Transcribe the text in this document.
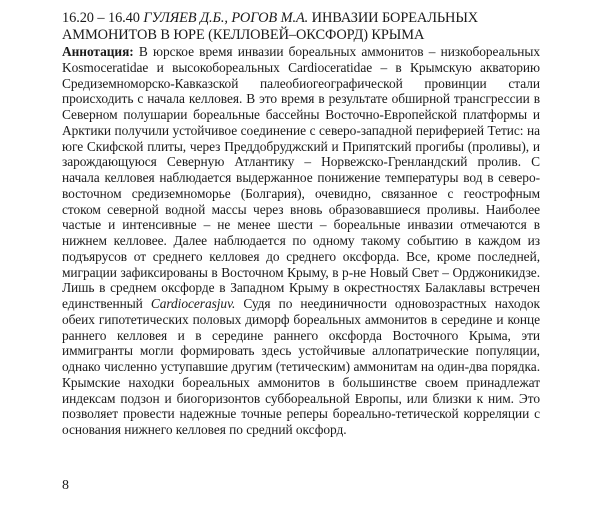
16.20 – 16.40 ГУЛЯЕВ Д.Б., РОГОВ М.А. ИНВАЗИИ БОРЕАЛЬНЫХ АММОНИТОВ В ЮРЕ (КЕЛЛОВЕЙ–ОКСФОРД) КРЫМА
Аннотация: В юрское время инвазии бореальных аммонитов – низкобореальных Kosmoceratidae и высокобореальных Cardioceratidae – в Крымскую акваторию Средиземноморско-Кавказской палеобиогеографической провинции стали происходить с начала келловея. В это время в результате обширной трансгрессии в Северном полушарии бореальные бассейны Восточно-Европейской платформы и Арктики получили устойчивое соединение с северо-западной периферией Тетис: на юге Скифской плиты, через Преддобруджский и Припятский прогибы (проливы), и зарождающуюся Северную Атлантику – Норвежско-Гренландский пролив. С начала келловея наблюдается выдержанное понижение температуры вод в северо-восточном средиземноморье (Болгария), очевидно, связанное с геострофным стоком северной водной массы через вновь образовавшиеся проливы. Наиболее частые и интенсивные – не менее шести – бореальные инвазии отмечаются в нижнем келловее. Далее наблюдается по одному такому событию в каждом из подъярусов от среднего келловея до среднего оксфорда. Все, кроме последней, миграции зафиксированы в Восточном Крыму, в р-не Новый Свет – Орджоникидзе. Лишь в среднем оксфорде в Западном Крыму в окрестностях Балаклавы встречен единственный Cardiocerasjuv. Судя по неединичности одновозрастных находок обеих гипотетических половых диморф бореальных аммонитов в середине и конце раннего келловея и в середине раннего оксфорда Восточного Крыма, эти иммигранты могли формировать здесь устойчивые аллопатрические популяции, однако численно уступавшие другим (тетическим) аммонитам на один-два порядка. Крымские находки бореальных аммонитов в большинстве своем принадлежат индексам подзон и биогоризонтов суббореальной Европы, или близки к ним. Это позволяет провести надежные точные реперы бореально-тетической корреляции с основания нижнего келловея по средний оксфорд.
8
